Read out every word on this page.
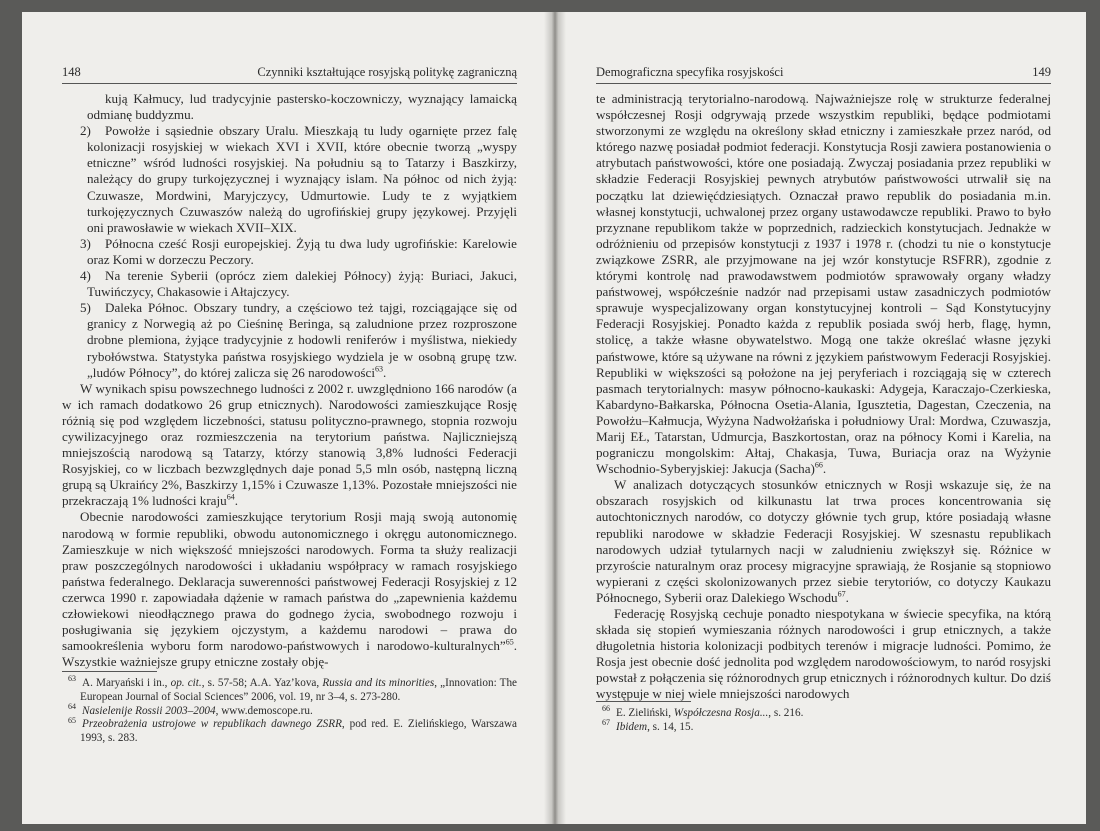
148	Czynniki kształtujące rosyjską politykę zagraniczną

kują Kałmucy, lud tradycyjnie pastersko-koczowniczy, wyznający lamaicką odmianę buddyzmu.

2) Powołże i sąsiednie obszary Uralu. Mieszkają tu ludy ogarnięte przez falę kolonizacji rosyjskiej w wiekach XVI i XVII, które obecnie tworzą „wyspy etniczne” wśród ludności rosyjskiej. Na południu są to Tatarzy i Baszkirzy, należący do grupy turkojęzycznej i wyznający islam. Na północ od nich żyją: Czuwasze, Mordwini, Maryjczycy, Udmurtowie. Ludy te z wyjątkiem turkojęzycznych Czuwaszów należą do ugrofińskiej grupy językowej. Przyjęli oni prawosławie w wiekach XVII–XIX.

3) Północna cześć Rosji europejskiej. Żyją tu dwa ludy ugrofińskie: Karelowie oraz Komi w dorzeczu Peczory.

4) Na terenie Syberii (oprócz ziem dalekiej Północy) żyją: Buriaci, Jakuci, Tuwińczycy, Chakasowie i Ałtajczycy.

5) Daleka Północ. Obszary tundry, a częściowo też tajgi, rozciągające się od granicy z Norwegią aż po Cieśninę Beringa, są zaludnione przez rozproszone drobne plemiona, żyjące tradycyjnie z hodowli reniferów i myślistwa, niekiedy rybołówstwa. Statystyka państwa rosyjskiego wydziela je w osobną grupę tzw. „ludów Północy”, do której zalicza się 26 narodowości$^{63}$.

W wynikach spisu powszechnego ludności z 2002 r. uwzględniono 166 narodów (a w ich ramach dodatkowo 26 grup etnicznych). Narodowości zamieszkujące Rosję różnią się pod względem liczebności, statusu polityczno-prawnego, stopnia rozwoju cywilizacyjnego oraz rozmieszczenia na terytorium państwa. Najliczniejszą mniejszością narodową są Tatarzy, którzy stanowią 3,8% ludności Federacji Rosyjskiej, co w liczbach bezwzględnych daje ponad 5,5 mln osób, następną liczną grupą są Ukraińcy 2%, Baszkirzy 1,15% i Czuwasze 1,13%. Pozostałe mniejszości nie przekraczają 1% ludności kraju$^{64}$.

Obecnie narodowości zamieszkujące terytorium Rosji mają swoją autonomię narodową w formie republiki, obwodu autonomicznego i okręgu autonomicznego. Zamieszkuje w nich większość mniejszości narodowych. Forma ta służy realizacji praw poszczególnych narodowości i układaniu współpracy w ramach rosyjskiego państwa federalnego. Deklaracja suwerenności państwowej Federacji Rosyjskiej z 12 czerwca 1990 r. zapowiadała dążenie w ramach państwa do „zapewnienia każdemu człowiekowi nieodłącznego prawa do godnego życia, swobodnego rozwoju i posługiwania się językiem ojczystym, a każdemu narodowi – prawa do samookreślenia wyboru form narodowo-państwowych i narodowo-kulturalnych”$^{65}$. Wszystkie ważniejsze grupy etniczne zostały obję-

$^{63}$ A. Maryański i in., op. cit., s. 57-58; A.A. Yaz’kova, Russia and its minorities, „Innovation: The European Journal of Social Sciences” 2006, vol. 19, nr 3–4, s. 273-280.

$^{64}$ Nasielenije Rossii 2003–2004, www.demoscope.ru.

$^{65}$ Przeobrażenia ustrojowe w republikach dawnego ZSRR, pod red. E. Zielińskiego, Warszawa 1993, s. 283.

Demograficzna specyfika rosyjskości	149

te administracją terytorialno-narodową. Najważniejsze rolę w strukturze federalnej współczesnej Rosji odgrywają przede wszystkim republiki, będące podmiotami stworzonymi ze względu na określony skład etniczny i zamieszkałe przez naród, od którego nazwę posiadał podmiot federacji. Konstytucja Rosji zawiera postanowienia o atrybutach państwowości, które one posiadają. Zwyczaj posiadania przez republiki w składzie Federacji Rosyjskiej pewnych atrybutów państwowości utrwalił się na początku lat dziewięćdziesiątych. Oznaczał prawo republik do posiadania m.in. własnej konstytucji, uchwalonej przez organy ustawodawcze republiki. Prawo to było przyznane republikom także w poprzednich, radzieckich konstytucjach. Jednakże w odróżnieniu od przepisów konstytucji z 1937 i 1978 r. (chodzi tu nie o konstytucje związkowe ZSRR, ale przyjmowane na jej wzór konstytucje RSFRR), zgodnie z którymi kontrolę nad prawodawstwem podmiotów sprawowały organy władzy państwowej, współcześnie nadzór nad przepisami ustaw zasadniczych podmiotów sprawuje wyspecjalizowany organ konstytucyjnej kontroli – Sąd Konstytucyjny Federacji Rosyjskiej. Ponadto każda z republik posiada swój herb, flagę, hymn, stolicę, a także własne obywatelstwo. Mogą one także określać własne języki państwowe, które są używane na równi z językiem państwowym Federacji Rosyjskiej. Republiki w większości są położone na jej peryferiach i rozciągają się w czterech pasmach terytorialnych: masyw północno-kaukaski: Adygeja, Karaczajo-Czerkieska, Kabardyno-Bałkarska, Północna Osetia-Alania, Igusztetia, Dagestan, Czeczenia, na Powołżu–Kałmucja, Wyżyna Nadwołżańska i południowy Ural: Mordwa, Czuwaszja, Marij EŁ, Tatarstan, Udmurcja, Baszkortostan, oraz na północy Komi i Karelia, na pograniczu mongolskim: Ałtaj, Chakasja, Tuwa, Buriacja oraz na Wyżynie Wschodnio-Syberyjskiej: Jakucja (Sacha)$^{66}$.

W analizach dotyczących stosunków etnicznych w Rosji wskazuje się, że na obszarach rosyjskich od kilkunastu lat trwa proces koncentrowania się autochtonicznych narodów, co dotyczy głównie tych grup, które posiadają własne republiki narodowe w składzie Federacji Rosyjskiej. W szesnastu republikach narodowych udział tytularnych nacji w zaludnieniu zwiększył się. Różnice w przyroście naturalnym oraz procesy migracyjne sprawiają, że Rosjanie są stopniowo wypierani z części skolonizowanych przez siebie terytoriów, co dotyczy Kaukazu Północnego, Syberii oraz Dalekiego Wschodu$^{67}$.

Federację Rosyjską cechuje ponadto niespotykana w świecie specyfika, na którą składa się stopień wymieszania różnych narodowości i grup etnicznych, a także długoletnia historia kolonizacji podbitych terenów i migracje ludności. Pomimo, że Rosja jest obecnie dość jednolita pod względem narodowościowym, to naród rosyjski powstał z połączenia się różnorodnych grup etnicznych i różnorodnych kultur. Do dziś występuje w niej wiele mniejszości narodowych

$^{66}$ E. Zieliński, Współczesna Rosja..., s. 216.

$^{67}$ Ibidem, s. 14, 15.
